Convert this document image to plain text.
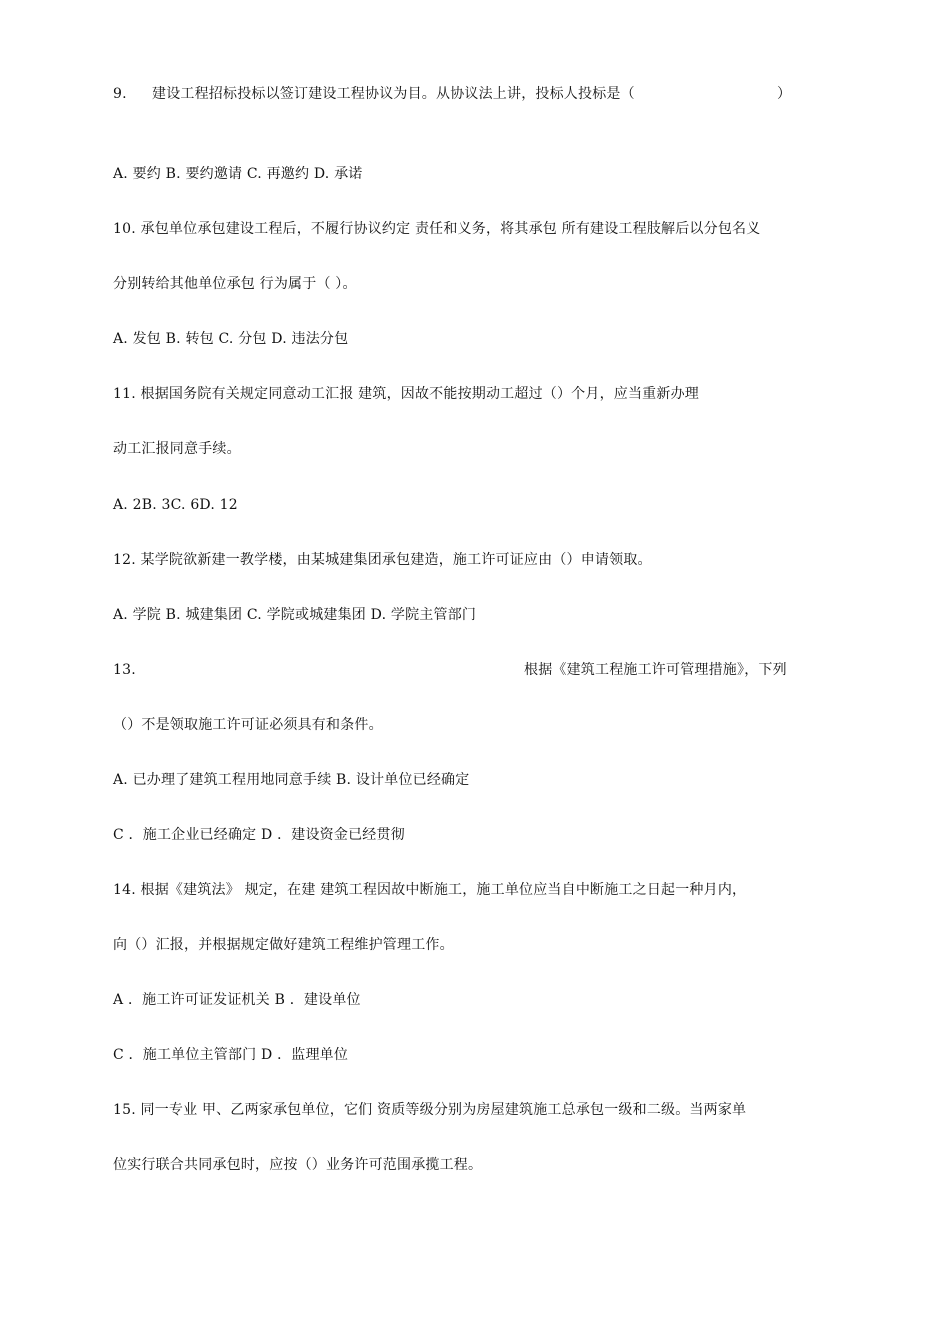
9. 建设工程招标投标以签订建设工程协议为目。从协议法上讲，投标人投标是（	）
A. 要约 B. 要约邀请 C. 再邀约 D. 承诺
10. 承包单位承包建设工程后，不履行协议约定 责任和义务，将其承包 所有建设工程肢解后以分包名义
分别转给其他单位承包 行为属于（ ）。
A. 发包 B. 转包 C. 分包 D. 违法分包
11. 根据国务院有关规定同意动工汇报 建筑，因故不能按期动工超过（）个月，应当重新办理
动工汇报同意手续。
A. 2B. 3C. 6D. 12
12. 某学院欲新建一教学楼，由某城建集团承包建造，施工许可证应由（）申请领取。
A. 学院 B. 城建集团 C. 学院或城建集团 D. 学院主管部门
13.	根据《建筑工程施工许可管理措施》，下列
（）不是领取施工许可证必须具有和条件。
A. 已办理了建筑工程用地同意手续 B. 设计单位已经确定
C ．施工企业已经确定 D ．建设资金已经贯彻
14. 根据《建筑法》 规定，在建 建筑工程因故中断施工，施工单位应当自中断施工之日起一种月内，
向（）汇报，并根据规定做好建筑工程维护管理工作。
A ．施工许可证发证机关 B ．建设单位
C ．施工单位主管部门 D ．监理单位
15. 同一专业 甲、乙两家承包单位，它们 资质等级分别为房屋建筑施工总承包一级和二级。当两家单
位实行联合共同承包时，应按（）业务许可范围承揽工程。
